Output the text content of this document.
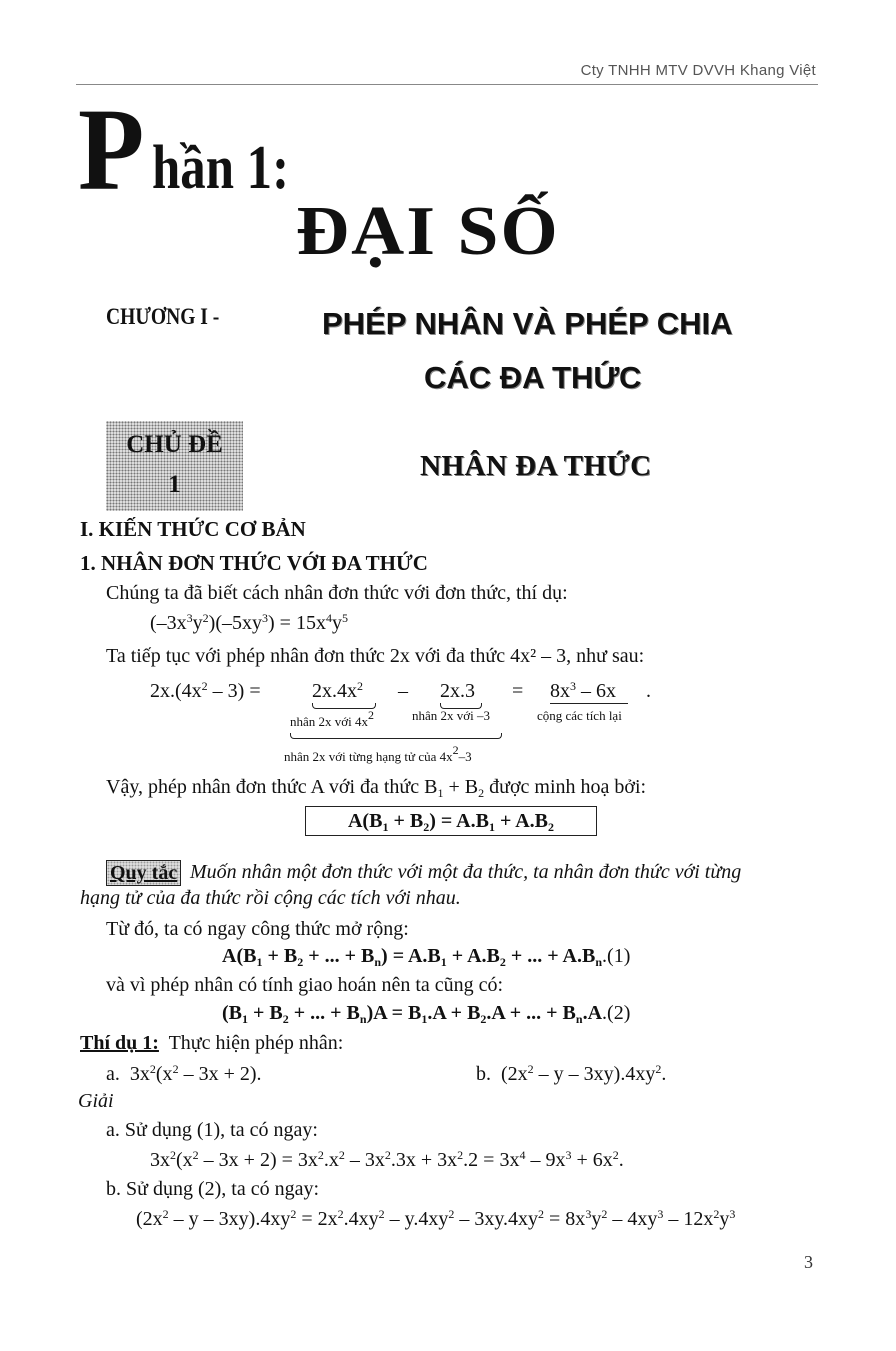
Cty TNHH MTV DVVH Khang Việt
P hần 1:
ĐẠI SỐ
CHƯƠNG I -	PHÉP NHÂN VÀ PHÉP CHIA
CÁC ĐA THỨC
CHỦ ĐỀ
1
NHÂN ĐA THỨC
I. KIẾN THỨC CƠ BẢN
1. NHÂN ĐƠN THỨC VỚI ĐA THỨC
Chúng ta đã biết cách nhân đơn thức với đơn thức, thí dụ:
$(-3x^3y^2)(-5xy^3) = 15x^4y^5$
Ta tiếp tục với phép nhân đơn thức 2x với đa thức 4x² – 3, như sau:
$2x.(4x^2 - 3)$ =	$2x.4x^2 - 2x.3 = 8x^3 - 6x$ .
nhân 2x với $4x^2$	nhân 2x với –3	cộng các tích lại
nhân 2x với từng hạng tử của $4x^2-3$
Vậy, phép nhân đơn thức A với đa thức $B_1 + B_2$ được minh hoạ bởi:
$A(B_1 + B_2) = A.B_1 + A.B_2$
Quy tắc Muốn nhân một đơn thức với một đa thức, ta nhân đơn thức với từng
hạng tử của đa thức rồi cộng các tích với nhau.
Từ đó, ta có ngay công thức mở rộng:
$A(B_1 + B_2$ + ... + $B_n) = A.B_1 + A.B_2$ + ... + $A.B_n.(1)$
và vì phép nhân có tính giao hoán nên ta cũng có:
($B_1 + B_2$ + ... + $B_n)A = B_1.A + B_2.A$ + ... + $B_n.A.(2)$
Thí dụ 1: Thực hiện phép nhân:
a.  $3x^2(x^2 - 3x + 2)$.	b.  ($2x^2$ – y – $3xy).4xy^2$.
Giải
a. Sử dụng (1), ta có ngay:
$3x^2(x^2 - 3x + 2) = 3x^2.x^2 - 3x^2.3x + 3x^2.2 = 3x^4 - 9x^3 + 6x^2$.
b. Sử dụng (2), ta có ngay:
$(2x^2 - y - 3xy).4xy^2 = 2x^2.4xy^2 - y.4xy^2 - 3xy.4xy^2 = 8x^3y^2 - 4xy^3 - 12x^2y^3$
3
